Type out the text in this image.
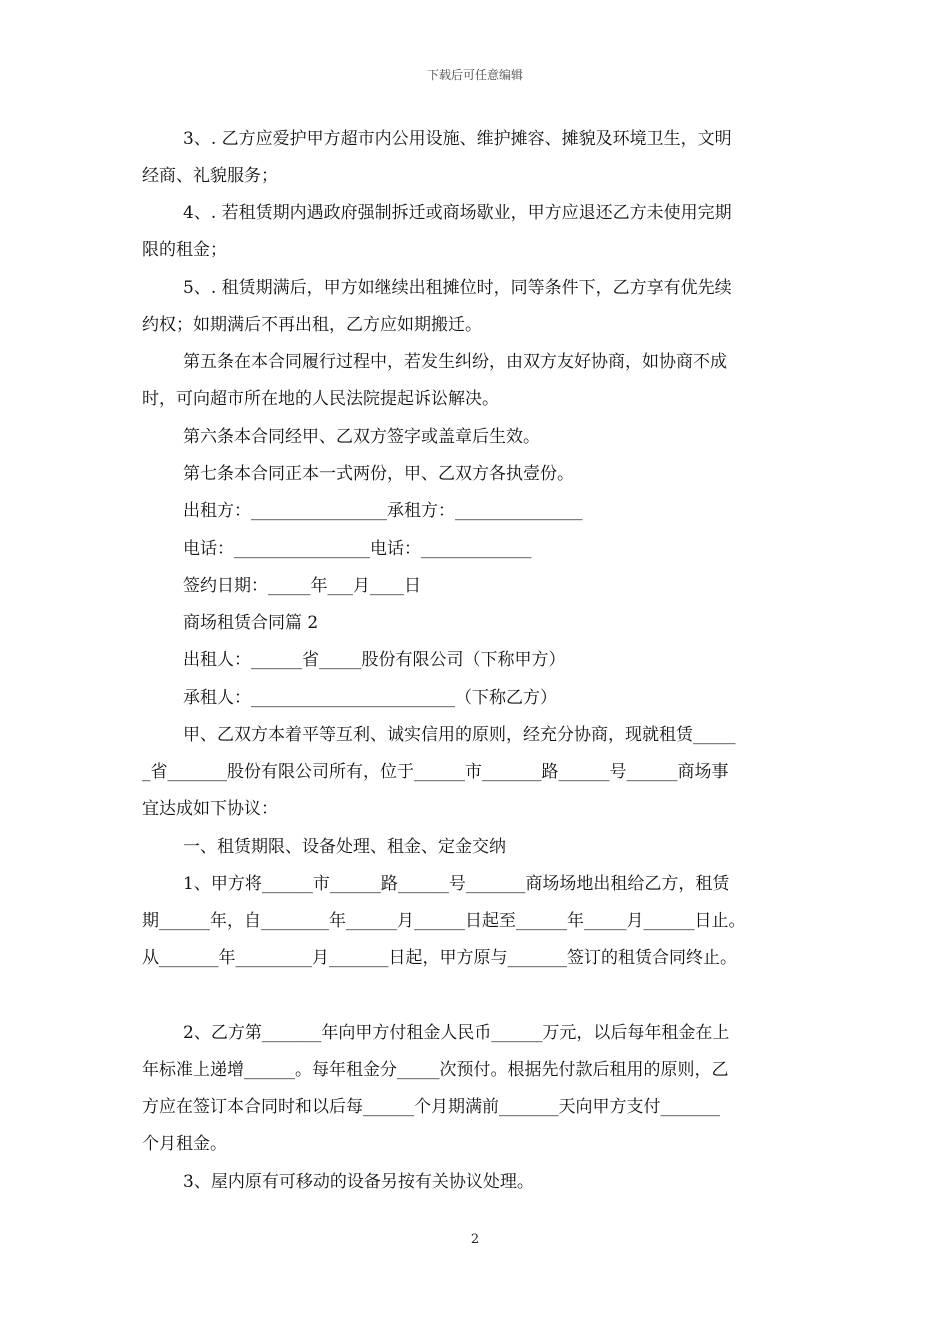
下载后可任意编辑
3、. 乙方应爱护甲方超市内公用设施、维护摊容、摊貌及环境卫生，文明
经商、礼貌服务；
4、. 若租赁期内遇政府强制拆迁或商场歇业，甲方应退还乙方未使用完期
限的租金；
5、. 租赁期满后，甲方如继续出租摊位时，同等条件下，乙方享有优先续
约权；如期满后不再出租，乙方应如期搬迁。
第五条在本合同履行过程中，若发生纠纷，由双方友好协商，如协商不成
时，可向超市所在地的人民法院提起诉讼解决。
第六条本合同经甲、乙双方签字或盖章后生效。
第七条本合同正本一式两份，甲、乙双方各执壹份。
出租方：________________承租方：_______________
电话：________________电话：_____________
签约日期：_____年___月____日
商场租赁合同篇 2
出租人：______省_____股份有限公司（下称甲方）
承租人：________________________（下称乙方）
甲、乙双方本着平等互利、诚实信用的原则，经充分协商，现就租赁_____
_省_______股份有限公司所有，位于______市_______路______号______商场事
宜达成如下协议：
一、租赁期限、设备处理、租金、定金交纳
1、甲方将______市______路______号_______商场场地出租给乙方，租赁
期______年，自________年______月______日起至______年_____月______日止。
从_______年_________月_______日起，甲方原与_______签订的租赁合同终止。
2、乙方第_______年向甲方付租金人民币______万元，以后每年租金在上
年标准上递增______。每年租金分_____次预付。根据先付款后租用的原则，乙
方应在签订本合同时和以后每______个月期满前_______天向甲方支付_______
个月租金。
3、屋内原有可移动的设备另按有关协议处理。
2
